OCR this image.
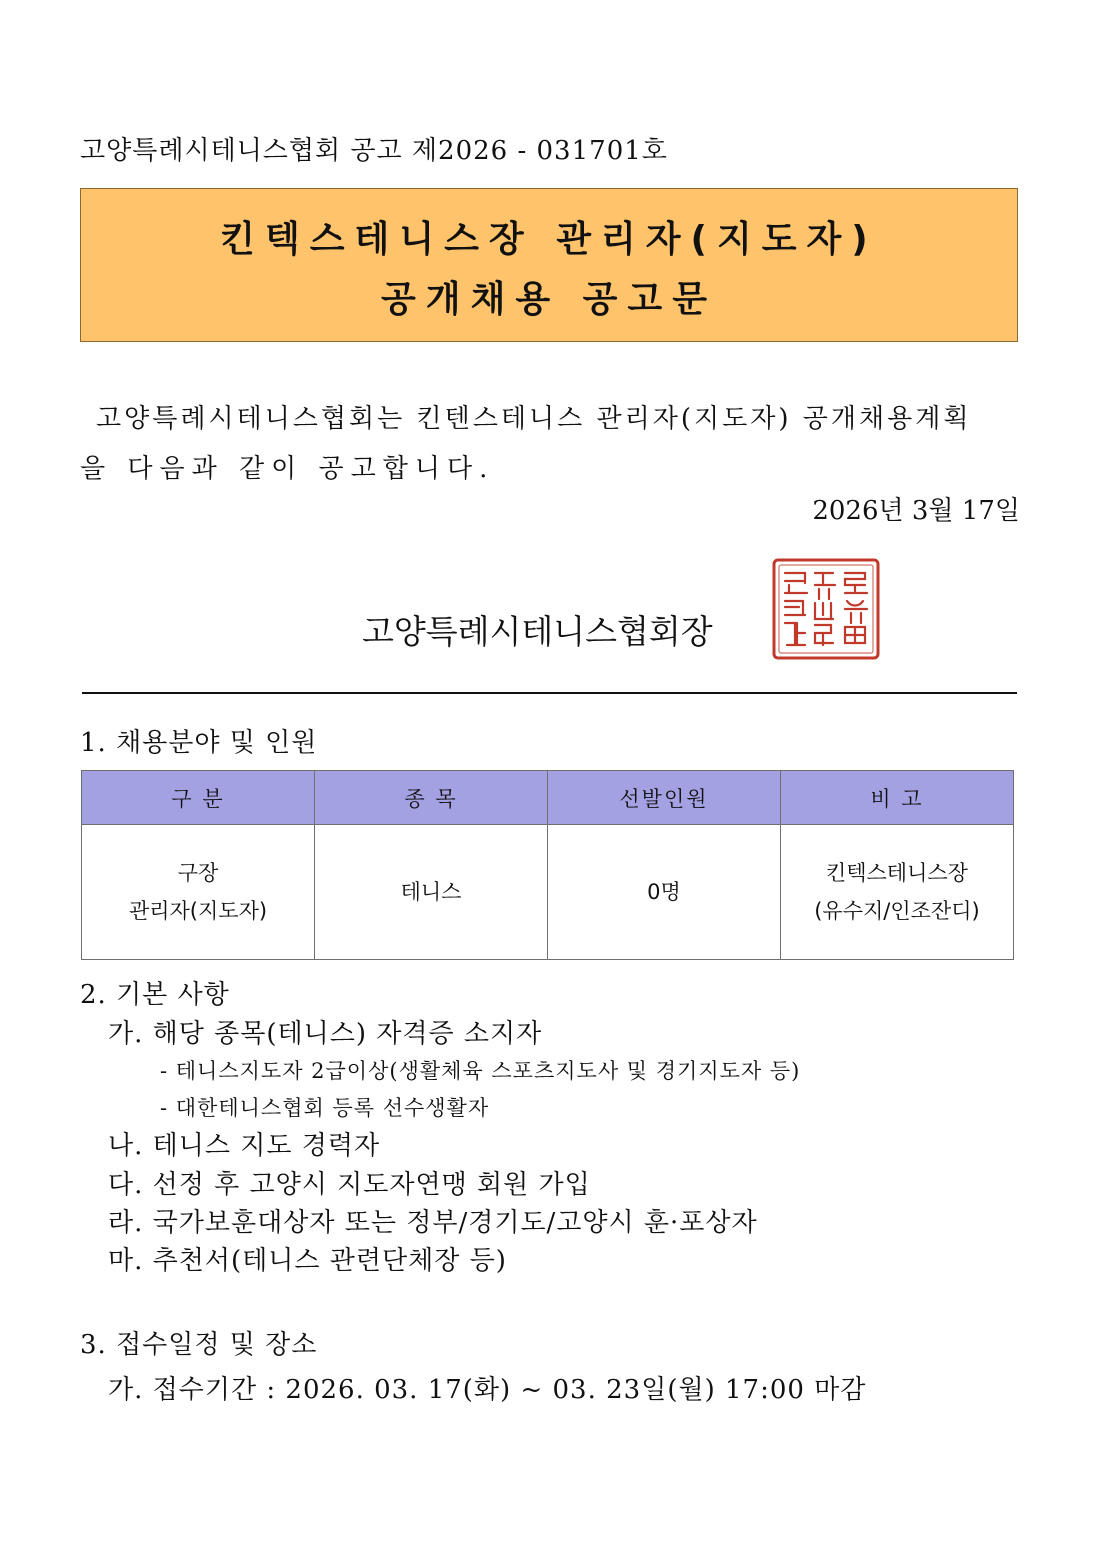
고양특례시테니스협회 공고 제2026 - 031701호
킨텍스테니스장 관리자(지도자)
공개채용 공고문
고양특례시테니스협회는 킨텐스테니스 관리자(지도자) 공개채용계획
을 다음과 같이 공고합니다.
2026년 3월 17일
고양특례시테니스협회장
1. 채용분야 및 인원
구 분	종 목	선발인원	비 고

구장
관리자(지도자)	테니스	0명	킨텍스테니스장
(유수지/인조잔디)
2. 기본 사항
가. 해당 종목(테니스) 자격증 소지자
- 테니스지도자 2급이상(생활체육 스포츠지도사 및 경기지도자 등)
- 대한테니스협회 등록 선수생활자
나. 테니스 지도 경력자
다. 선정 후 고양시 지도자연맹 회원 가입
라. 국가보훈대상자 또는 정부/경기도/고양시 훈·포상자
마. 추천서(테니스 관련단체장 등)
3. 접수일정 및 장소
가. 접수기간 : 2026. 03. 17(화) ~ 03. 23일(월) 17:00 마감
